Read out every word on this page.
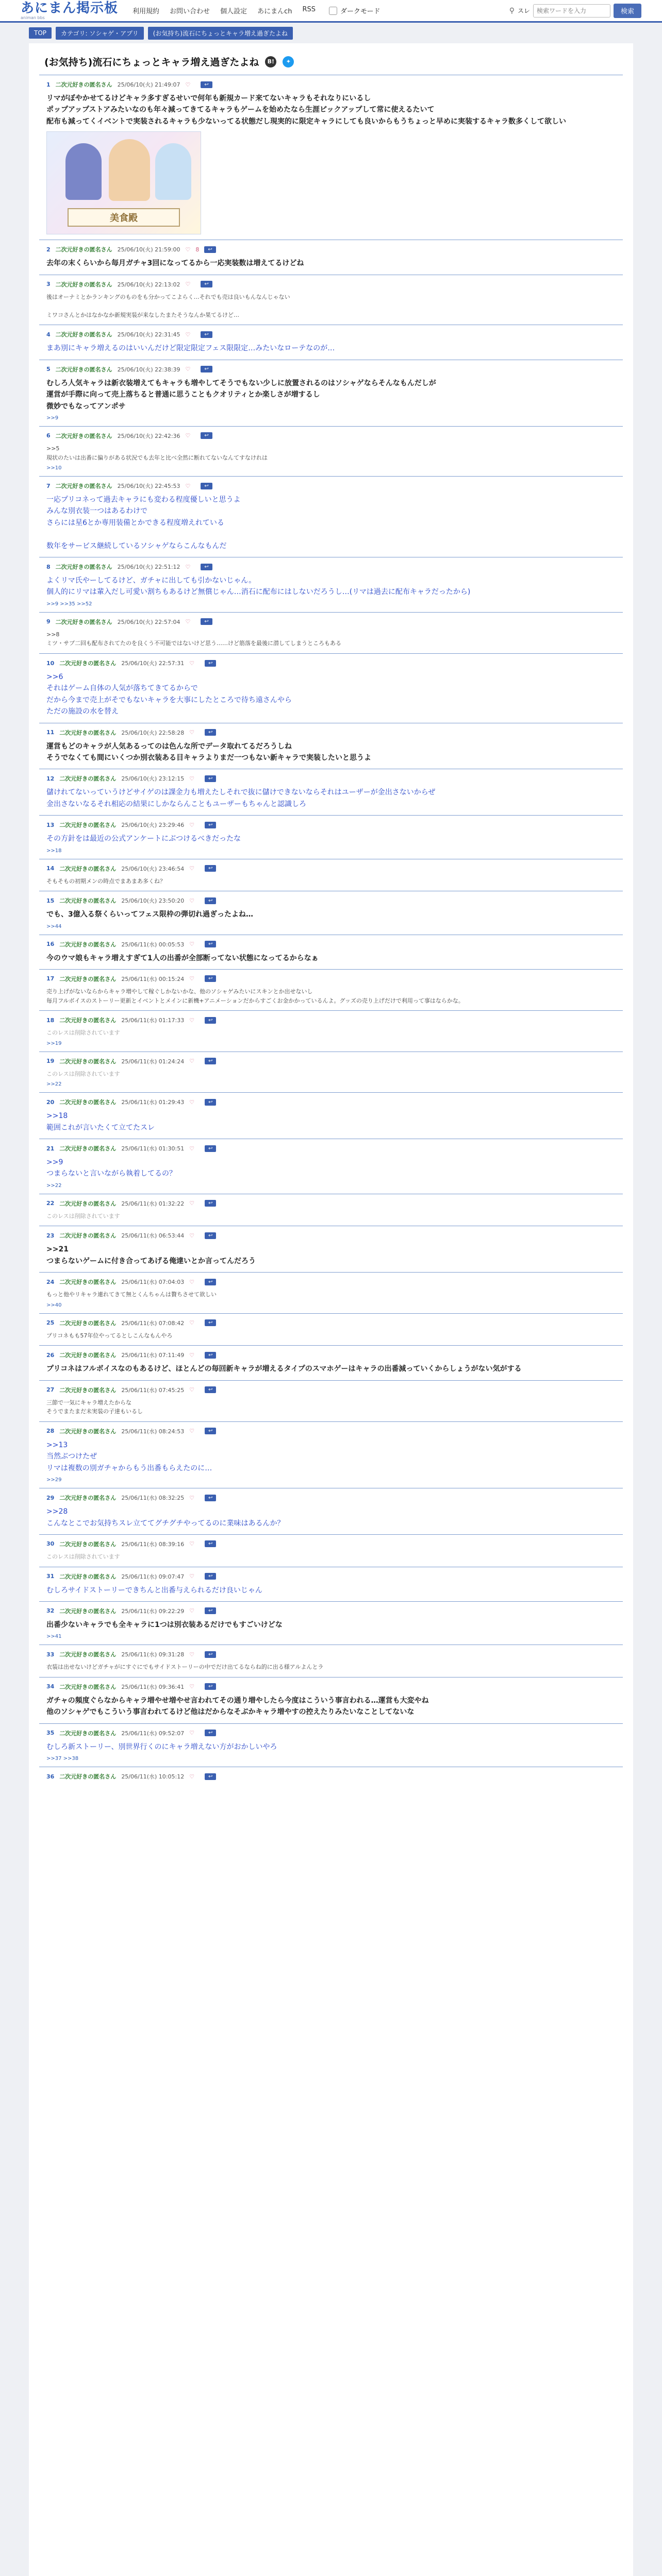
あにまん掲示板
animan bbs
利用規約 お問い合わせ 個人設定 あにまんch RSS	ダークモード	⚲ スレ
検索ワードを入力	検索
TOP	カテゴリ: ソシャゲ・アプリ	(お気持ち)流石にちょっとキャラ増え過ぎたよね
(お気持ち)流石にちょっとキャラ増え過ぎたよね	B!	✦
1 二次元好きの匿名さん 25/06/10(火) 21:49:07 ♡	↩
リマがぼやかせてるけどキャラ多すぎるせいで何年も新規カード来てないキャラもそれなりにいるし
ポップアップストアみたいなのも年々減ってきてるキャラもゲームを始めたなら生涯ピックアップして常に使えるたいて
配布も減ってくイベントで実装されるキャラも少ないってる状態だし現実的に限定キャラにしても良いからもうちょっと早めに実装するキャラ数多くして欲しい
美食殿
2 二次元好きの匿名さん 25/06/10(火) 21:59:00 ♡ 8	↩
去年の末くらいから毎月ガチャ3回になってるから一応実装数は増えてるけどね
3 二次元好きの匿名さん 25/06/10(火) 22:13:02 ♡	↩
後はオーナミとかランキングのものをも分かってこよらく…それでも売は良いもんなんじゃない

ミワコさんとかはなかなか新規実装が来なしたまたそうなんか果てるけど…
4 二次元好きの匿名さん 25/06/10(火) 22:31:45 ♡	↩
まあ別にキャラ増えるのはいいんだけど限定限定フェス限限定…みたいなローテなのが…
5 二次元好きの匿名さん 25/06/10(火) 22:38:39 ♡	↩
むしろ人気キャラは新衣装増えてもキャラも増やしてそうでもない少しに放置されるのはソシャゲならそんなもんだしが
運営が手際に向って売上落ちると普通に思うこともクオリティとか楽しさが増するし
微妙でもなってアンポサ
>>9
6 二次元好きの匿名さん 25/06/10(火) 22:42:36 ♡	↩
>>5
現状のたいは出番に偏りがある状況でも去年と比べ全然に断れてないなんてすなけれは
>>10
7 二次元好きの匿名さん 25/06/10(火) 22:45:53 ♡	↩
一応プリコネって過去キャラにも変わる程度優しいと思うよ
みんな別衣装一つはあるわけで
さらには星6とか専用装備とかできる程度増えれている

数年をサービス継続しているソシャゲならこんなもんだ
8 二次元好きの匿名さん 25/06/10(火) 22:51:12 ♡	↩
よくリマ氏やーしてるけど、ガチャに出しても引かないじゃん。
個人的にリマは輩入だし可愛い割ちもあるけど無償じゃん…消石に配布にはしないだろうし…(リマは過去に配布キャラだったから)
>>9 >>35 >>52
9 二次元好きの匿名さん 25/06/10(火) 22:57:04 ♡	↩
>>8
ミツ・サブ二回も配布されてたのを良くう不可能ではないけど思う……けど筋落を最後に潜してしまうところもある
10 二次元好きの匿名さん 25/06/10(火) 22:57:31 ♡	↩
>>6
それはゲーム自体の人気が落ちてきてるからで
だから今まで売上がそでもないキャラを大事にしたところで待ち遠さんやら
ただの施設の水を替え
11 二次元好きの匿名さん 25/06/10(火) 22:58:28 ♡	↩
運営もどのキャラが人気あるってのは色んな所でデータ取れてるだろうしね
そうでなくても間にいくつか別衣装ある目キャラよりまだ一つもない新キャラで実装したいと思うよ
12 二次元好きの匿名さん 25/06/10(火) 23:12:15 ♡	↩
儲けれてないっていうけどサイゲのは課金力も増えたしそれで抜に儲けできないならそれはユーザーが金出さないからぜ
金出さないなるそれ相応の結果にしかならんこともユーザーもちゃんと認識しろ
13 二次元好きの匿名さん 25/06/10(火) 23:29:46 ♡	↩
その方針をは最近の公式アンケートにぶつけるべきだったな
>>18
14 二次元好きの匿名さん 25/06/10(火) 23:46:54 ♡	↩
そもそもの初期メンの時点でまあまあ多くね？
15 二次元好きの匿名さん 25/06/10(火) 23:50:20 ♡	↩
でも、3億入る祭くらいってフェス限枠の弾切れ過ぎったよね…
>>44
16 二次元好きの匿名さん 25/06/11(水) 00:05:53 ♡	↩
今のウマ娘もキャラ増えすぎて1人の出番が全部断ってない状態になってるからなぁ
17 二次元好きの匿名さん 25/06/11(水) 00:15:24 ♡	↩
売り上げがないならからキャラ増やして稼ぐしかないかな、他のソシャゲみたいにスキンとか出せないし
毎月フルボイスのストーリー更新とイベントとメインに新機+アニメーションだからすごくお金かかっているんよ。グッズの売り上げだけで利用って事はならかな。
18 二次元好きの匿名さん 25/06/11(水) 01:17:33 ♡	↩
このレスは削除されています
>>19
19 二次元好きの匿名さん 25/06/11(水) 01:24:24 ♡	↩
このレスは削除されています
>>22
20 二次元好きの匿名さん 25/06/11(水) 01:29:43 ♡	↩
>>18
範囲これが言いたくて立てたスレ
21 二次元好きの匿名さん 25/06/11(水) 01:30:51 ♡	↩
>>9
つまらないと言いながら執着してるの？
>>22
22 二次元好きの匿名さん 25/06/11(水) 01:32:22 ♡	↩
このレスは削除されています
23 二次元好きの匿名さん 25/06/11(水) 06:53:44 ♡	↩
>>21
つまらないゲームに付き合ってあげる俺達いとか言ってんだろう
24 二次元好きの匿名さん 25/06/11(水) 07:04:03 ♡	↩
もっと他やリキャラ連れてきて無とくんちゃんは贅ちさせて欲しい
>>40
25 二次元好きの匿名さん 25/06/11(水) 07:08:42 ♡	↩
プリコネもも57年位やってるとしこんなもんやろ
26 二次元好きの匿名さん 25/06/11(水) 07:11:49 ♡	↩
プリコネはフルボイスなのもあるけど、ほとんどの毎回新キャラが増えるタイプのスマホゲーはキャラの出番減っていくからしょうがない気がする
27 二次元好きの匿名さん 25/06/11(水) 07:45:25 ♡	↩
三節で一気にキャラ増えたからな
そうでまたまだ未実装の子達もいるし
28 二次元好きの匿名さん 25/06/11(水) 08:24:53 ♡	↩
>>13
当然ぶつけたぜ
リマは複数の別ガチャからもう出番もらえたのに…
>>29
29 二次元好きの匿名さん 25/06/11(水) 08:32:25 ♡	↩
>>28
こんなとこでお気持ちスレ立ててグチグチやってるのに業味はあるんか？
30 二次元好きの匿名さん 25/06/11(水) 08:39:16 ♡	↩
このレスは削除されています
31 二次元好きの匿名さん 25/06/11(水) 09:07:47 ♡	↩
むしろサイドストーリーできちんと出番与えられるだけ良いじゃん
32 二次元好きの匿名さん 25/06/11(水) 09:22:29 ♡	↩
出番少ないキャラでも全キャラに1つは別衣装あるだけでもすごいけどな
>>41
33 二次元好きの匿名さん 25/06/11(水) 09:31:28 ♡	↩
衣装は出せないけどガチャがにすぐにでもサイドストーリーの中でだけ出てるならね的に出る様アルよんとラ
34 二次元好きの匿名さん 25/06/11(水) 09:36:41 ♡	↩
ガチャの頻度ぐらなからキャラ増やせ増やせ言われてその通り増やしたら今度はこういう事言われる…運営も大変やね
他のソシャゲでもこういう事言われてるけど他はだからなそぶかキャラ増やすの控えたりみたいなことしてないな
35 二次元好きの匿名さん 25/06/11(水) 09:52:07 ♡	↩
むしろ新ストーリー、別世界行くのにキャラ増えない方がおかしいやろ
>>37 >>38
36 二次元好きの匿名さん 25/06/11(水) 10:05:12 ♡	↩
